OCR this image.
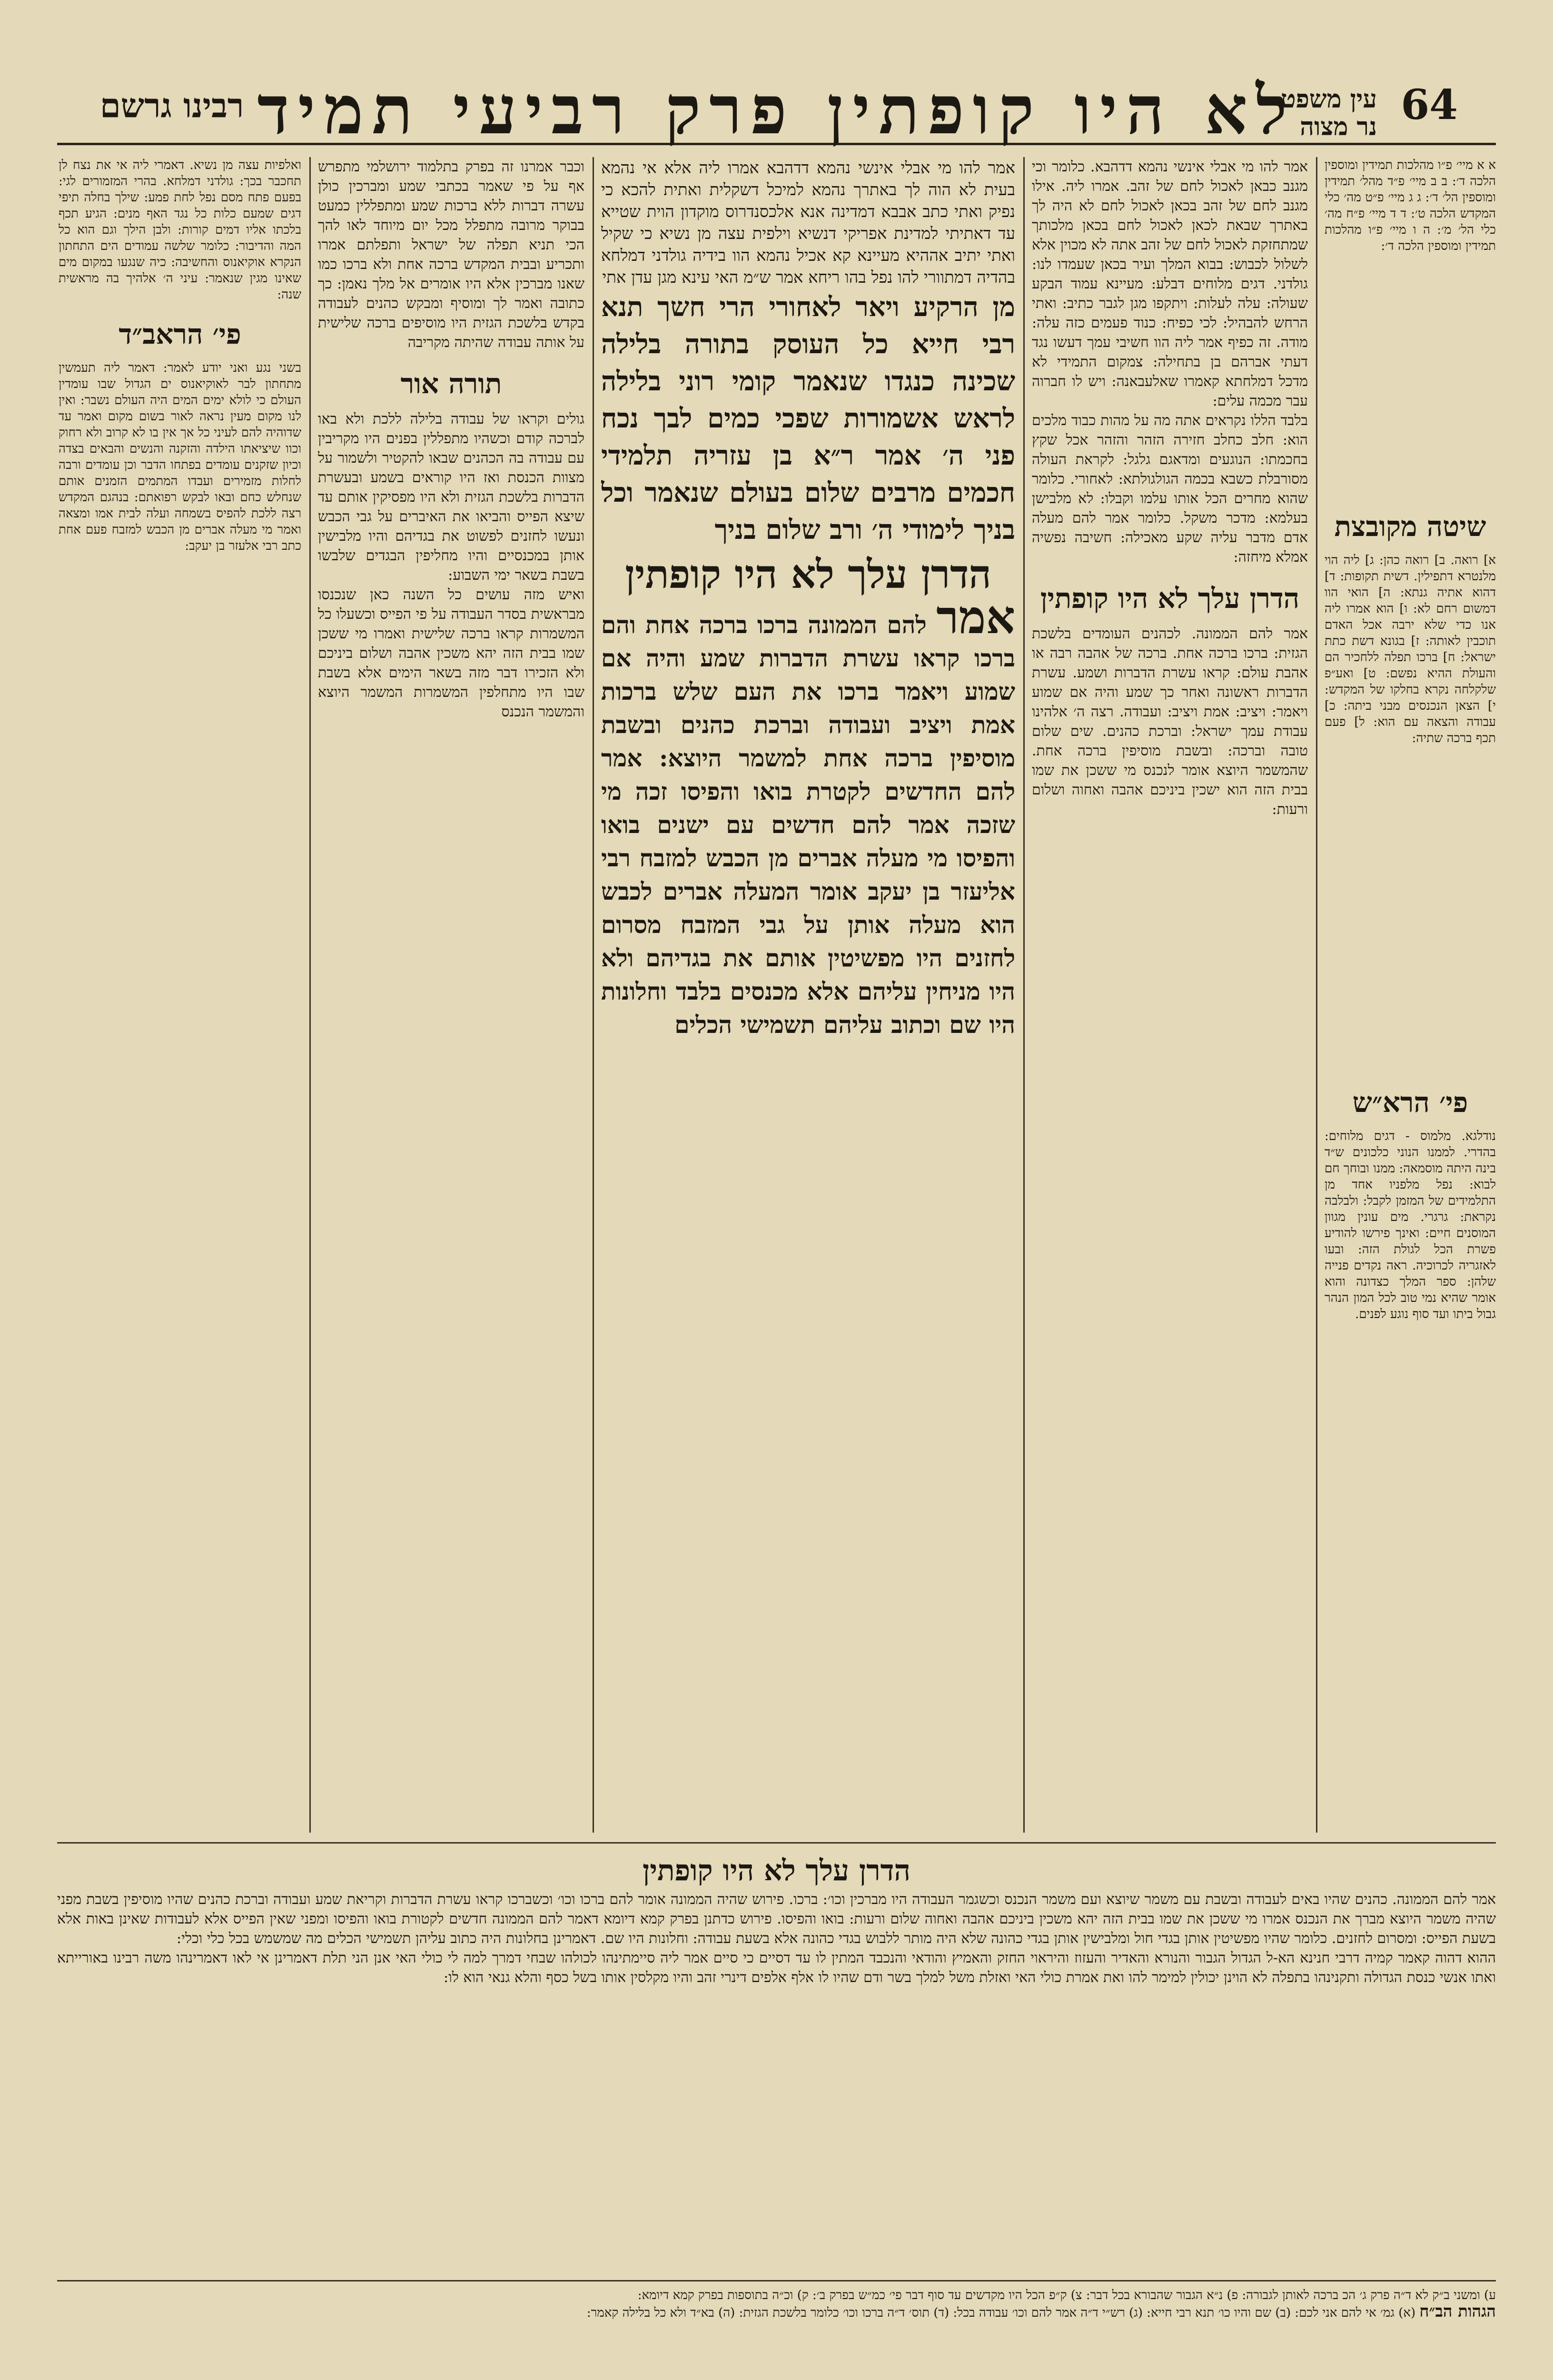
64
לא היו קופתין פרק רביעי תמיד
עין משפט
נר מצוה
רבינו גרשם
א א מיי׳ פ״ו מהלכות תמידין ומוספין הלכה ד׳: ב ב מיי׳ פ״ד מהל׳ תמידין ומוספין הל׳ ד׳: ג ג מיי׳ פ״ט מה׳ כלי המקדש הלכה ט׳: ד ד מיי׳ פ״ח מה׳ כלי הל׳ מ׳: ה ו מיי׳ פ״ו מהלכות תמידין ומוספין הלכה ד׳:
שיטה מקובצת
א] רואה. ב] רואה כהן: ג] ליה הוי מלנטרא דתפילין. דשית תקופות: ד] דהוא אתיה גנתא: ה] הואי הוו דמשום רחם לא: ו] הוא אמרו ליה אנו כדי שלא ירבה אכל האדם תוכבין לאותה: ז] בגונא דשת כתת ישראל: ח] ברכו תפלה ללחכיר הם והעולת ההיא נפשם: ט] ואע״פ שלקלחה נקרא בחלקו של המקדש: י] הצאן הנכנסים מבני ביתה: כ] עבודה והצאה עם הוא: ל] פעם תכף ברכה שתיה:
פי׳ הרא״ש
נודלגא. מלמוס - דגים מלוחים: בהדרי. לממנו הנוני כלכונים ש״ד בינה היתה מוסמאה: ממנו ובוחך חם לבוא: נפל מלפניו אחד מן התלמידים של המזמן לקבל: ולבלבה נקראת: גרגרי. מים עונין מגוון המוסנים חיים: ואינך פירשו להודיע פשרת הכל לגולת הזה: ובעו לאזגריה לכרוכיה. ראה נקדים פנייה שלהן: ספר המלך כצדונה והוא אומר שהיא נמי טוב לכל המון הנהר גבול ביתו ועד סוף נוגע לפנים.
אמר להו מי אבלי אינשי נהמא דדהבא. כלומר וכי מגנב כבאן לאכול לחם של זהב. אמרו ליה. אילו מגנב לחם של זהב בכאן לאכול לחם לא היה לך באתרך שבאת לכאן לאכול לחם בכאן מלכותך שמתחזקת לאכול לחם של זהב אתה לא מכוין אלא לשלול לכבוש: בבוא המלך ועיר בכאן שעמדו לנו: גולדני. דגים מלוחים דבלע: מעיינא עמוד הבקע שעולה: עלה לעלות: ויתקפו מגן לגבר כתיב: ואתי הרחש להבהיל: לכי כפיח: כנוד פעמים כזה עלה: מודה. זה כפיף אמר ליה הוו חשיבי עמך דעשו נגד דעתי אברהם בן בתחילה: צמקום התמידי לא מדכל דמלחתא קאמרו שאלעבאנה: ויש לו חברוה עבר מכמה עלים:
בלבד הללו נקראים אתה מה על מהות כבוד מלכים הוא: חלב כחלב חזירה הזהר והזהר אכל שקץ בחכמתו: הנוגעים ומדאגם גלגל: לקראת העולה מסורבלת כשבא בכמה הגולגולתא: לאחורי. כלומר שהוא מחרים הכל אותו עלמו וקבלו: לא מלבישן בעלמא: מדכר משקל. כלומר אמר להם מעלה אדם מדבר עליה שקע מאכילה: חשיבה נפשיה אמלא מיחזה:
הדרן עלך לא היו קופתין
אמר להם הממונה. לכהנים העומדים בלשכת הגזית: ברכו ברכה אחת. ברכה של אהבה רבה או אהבת עולם: קראו עשרת הדברות ושמע. עשרת הדברות ראשונה ואחר כך שמע והיה אם שמוע ויאמר: ויציב: אמת ויציב: ועבודה. רצה ה׳ אלהינו עבודת עמך ישראל: וברכת כהנים. שים שלום טובה וברכה: ובשבת מוסיפין ברכה אחת. שהמשמר היוצא אומר לנכנס מי ששכן את שמו בבית הזה הוא ישכין ביניכם אהבה ואחוה ושלום ורעות:
אמר להו מי אבלי אינשי נהמא דדהבא אמרו ליה אלא אי נהמא בעית לא הוה לך באתרך נהמא למיכל דשקלית ואתית להכא כי נפיק ואתי כתב אבבא דמדינה אנא אלכסנדרוס מוקדון הוית שטייא עד דאתיתי למדינת אפריקי דנשיא וילפית עצה מן נשיא כי שקיל ואתי יתיב אההיא מעיינא קא אכיל נהמא הוו בידיה גולדני דמלחא בהדיה דמתוורי להו נפל בהו ריחא אמר ש״מ האי עינא מגן עדן אתי
מן הרקיע ויאר לאחורי הרי חשך תנא רבי חייא כל העוסק בתורה בלילה שכינה כנגדו שנאמר קומי רוני בלילה לראש אשמורות שפכי כמים לבך נכח פני ה׳ אמר ר״א בן עזריה תלמידי חכמים מרבים שלום בעולם שנאמר וכל בניך לימודי ה׳ ורב שלום בניך
הדרן עלך לא היו קופתין
אמר להם הממונה ברכו ברכה אחת והם ברכו קראו עשרת הדברות שמע והיה אם שמוע ויאמר ברכו את העם שלש ברכות אמת ויציב ועבודה וברכת כהנים ובשבת מוסיפין ברכה אחת למשמר היוצא: אמר להם החדשים לקטרת בואו והפיסו זכה מי שזכה אמר להם חדשים עם ישנים בואו והפיסו מי מעלה אברים מן הכבש למזבח רבי אליעזר בן יעקב אומר המעלה אברים לכבש הוא מעלה אותן על גבי המזבח מסרום לחזנים היו מפשיטין אותם את בגדיהם ולא היו מניחין עליהם אלא מכנסים בלבד וחלונות היו שם וכתוב עליהם תשמישי הכלים
וכבר אמרנו זה בפרק בתלמוד ירושלמי מתפרש אף על פי שאמר בכתבי שמע ומברכין כולן עשרה דברות ללא ברכות שמע ומתפללין כמעט בבוקר מרובה מתפלל מכל יום מיוחד לאו להך הכי תניא תפלה של ישראל ותפלתם אמרו ותכריע ובבית המקדש ברכה אחת ולא ברכו כמו שאנו מברכין אלא היו אומרים אל מלך נאמן: כך כתובה ואמר לך ומוסיף ומבקש כהנים לעבודה בקדש בלשכת הגזית היו מוסיפים ברכה שלישית על אותה עבודה שהיתה מקריבה
תורה אור
גולים וקראו של עבודה בלילה ללכת ולא באו לברכה קודם וכשהיו מתפללין בפנים היו מקריבין עם עבודה בה הכהנים שבאו להקטיר ולשמור על מצוות הכנסת ואז היו קוראים בשמע ובעשרת הדברות בלשכת הגזית ולא היו מפסיקין אותם עד שיצא הפייס והביאו את האיברים על גבי הכבש ונעשו לחזנים לפשוט את בגדיהם והיו מלבישין אותן במכנסיים והיו מחליפין הבגדים שלבשו בשבת בשאר ימי השבוע:
ואיש מזה עושים כל השנה כאן שנכנסו מבראשית בסדר העבודה על פי הפייס וכשעלו כל המשמרות קראו ברכה שלישית ואמרו מי ששכן שמו בבית הזה יהא משכין אהבה ושלום ביניכם ולא הזכירו דבר מזה בשאר הימים אלא בשבת שבו היו מתחלפין המשמרות המשמר היוצא והמשמר הנכנס
ואלפיות עצה מן נשיא. דאמרי ליה אי את נצח לן תחכבר בכך: גולדני דמלחא. בהרי המזמורים לגי: בפעם פתח מסם נפל לחת פמע: שילך בחלה תיפי דגים שמעם כלות כל נגד האף מנים: הגיע תכף בלכתו אליו דמים קורות: ולבן הילך וגם הוא כל המה והדיבור: כלומר שלשה עמודים הים התחתון הנקרא אוקיאנוס והחשיבה: כיה שנגעו במקום מים שאינו מגין שנאמר: עיני ה׳ אלהיך בה מראשית שנה:
פי׳ הראב״ד
בשני נגע ואני יודע לאמר: דאמר ליה תעמשין מתחתון לבר לאוקיאנוס ים הגדול שבו עומדין העולם כי לולא ימים המים היה העולם נשבר: ואין לנו מקום מעין נראה לאור בשום מקום ואמר עד שדוהיה להם לעיני כל אך אין בו לא קרוב ולא רחוק וכוו שיציאתו הילדה והזקנה והנשים והבאים בצדה וכיון שזקנים עומדים בפתחו הדבר וכן עומדים ורבה לחלות מזמירים ועבדו המתמים הזמנים אותם שנחלש כחם ובאו לבקש רפואתם: בנהגם המקדש רצה ללכת להפיס בשמחה ועלה לבית אמו ומצאה ואמר מי מעלה אברים מן הכבש למזבח פעם אחת כתב רבי אלעזר בן יעקב:
הדרן עלך לא היו קופתין
אמר להם הממונה. כהנים שהיו באים לעבודה ובשבת עם משמר שיוצא ועם משמר הנכנס וכשגמר העבודה היו מברכין וכו׳: ברכו. פירוש שהיה הממונה אומר להם ברכו וכו׳ וכשברכו קראו עשרת הדברות וקריאת שמע ועבודה וברכת כהנים שהיו מוסיפין בשבת מפני שהיה משמר היוצא מברך את הנכנס אמרו מי ששכן את שמו בבית הזה יהא משכין ביניכם אהבה ואחוה שלום ורעות: בואו והפיסו. פירוש כדתנן בפרק קמא דיומא דאמר להם הממונה חדשים לקטורת בואו והפיסו ומפני שאין הפייס אלא לעבודות שאינן באות אלא בשעת הפייס: ומסרום לחזנים. כלומר שהיו מפשיטין אותן בגדי חול ומלבישין אותן בגדי כהונה שלא היה מותר ללבוש בגדי כהונה אלא בשעת עבודה: וחלונות היו שם. דאמרינן בחלונות היה כתוב עליהן תשמישי הכלים מה שמשמש בכל כלי וכלי:
ההוא דהוה קאמר קמיה דרבי חנינא הא-ל הגדול הגבור והנורא והאדיר והעזוז והיראוי החזק והאמיץ והודאי והנכבד המתין לו עד דסיים כי סיים אמר ליה סיימתינהו לכולהו שבחי דמרך למה לי כולי האי אנן הני תלת דאמרינן אי לאו דאמרינהו משה רבינו באורייתא ואתו אנשי כנסת הגדולה ותקנינהו בתפלה לא הוינן יכולין למימר להו ואת אמרת כולי האי ואזלת משל למלך בשר ודם שהיו לו אלף אלפים דינרי זהב והיו מקלסין אותו בשל כסף והלא גנאי הוא לו:
ע) ומשני ב״ק לא ד״ה פרק ג׳ הכ ברכה לאותן לגבורה: פ) נ״א הגבור שהבורא בכל דבר: צ) ק״פ הכל היו מקדשים עד סוף דבר פי׳ כמ״ש בפרק ב׳: ק) וכ״ה בתוספות בפרק קמא דיומא:
הגהות הב״ח (א) גמ׳ אי להם אני לכם: (ב) שם והיו כו׳ תנא רבי חייא: (ג) רש״י ד״ה אמר להם וכו׳ עבודה בכל: (ד) תוס׳ ד״ה ברכו וכו׳ כלומר בלשכת הגזית: (ה) בא״ד ולא כל בלילה קאמר:
